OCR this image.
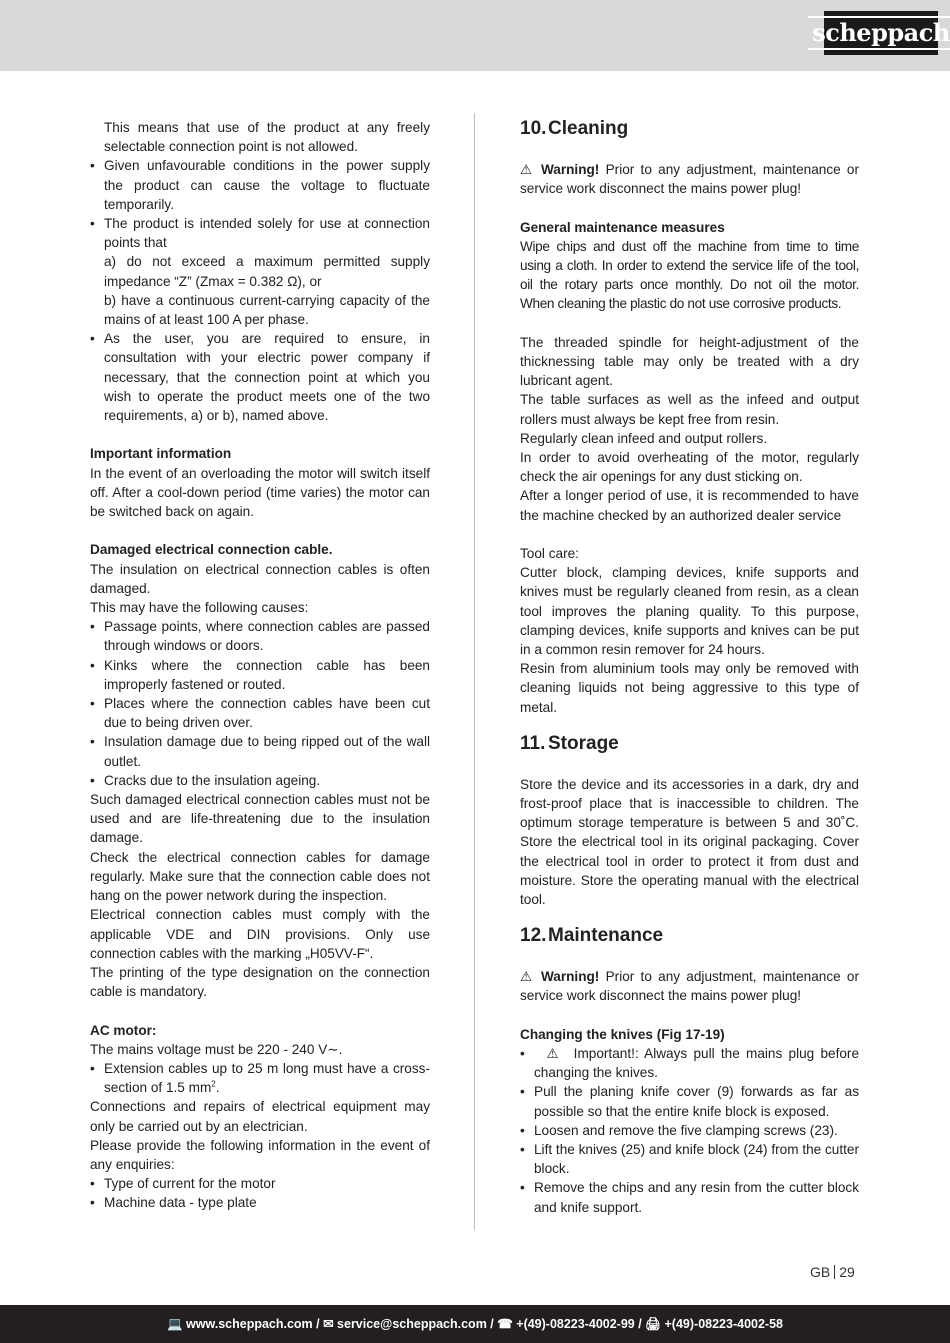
scheppach
This means that use of the product at any freely selectable connection point is not allowed.
• Given unfavourable conditions in the power supply the product can cause the voltage to fluctuate temporarily.
• The product is intended solely for use at connection points that
a) do not exceed a maximum permitted supply impedance “Z” (Zmax = 0.382 Ω), or
b) have a continuous current-carrying capacity of the mains of at least 100 A per phase.
• As the user, you are required to ensure, in consultation with your electric power company if necessary, that the connection point at which you wish to operate the product meets one of the two requirements, a) or b), named above.
Important information
In the event of an overloading the motor will switch itself off. After a cool-down period (time varies) the motor can be switched back on again.
Damaged electrical connection cable.
The insulation on electrical connection cables is often damaged.
This may have the following causes:
• Passage points, where connection cables are passed through windows or doors.
• Kinks where the connection cable has been improperly fastened or routed.
• Places where the connection cables have been cut due to being driven over.
• Insulation damage due to being ripped out of the wall outlet.
• Cracks due to the insulation ageing.
Such damaged electrical connection cables must not be used and are life-threatening due to the insulation damage.
Check the electrical connection cables for damage regularly. Make sure that the connection cable does not hang on the power network during the inspection.
Electrical connection cables must comply with the applicable VDE and DIN provisions. Only use connection cables with the marking „H05VV-F“.
The printing of the type designation on the connection cable is mandatory.
AC motor:
The mains voltage must be 220 - 240 V∼.
• Extension cables up to 25 m long must have a cross-section of 1.5 $mm^2$.
Connections and repairs of electrical equipment may only be carried out by an electrician.
Please provide the following information in the event of any enquiries:
• Type of current for the motor
• Machine data - type plate
10.Cleaning
⚠ Warning! Prior to any adjustment, maintenance or service work disconnect the mains power plug!
General maintenance measures
Wipe chips and dust off the machine from time to time using a cloth. In order to extend the service life of the tool, oil the rotary parts once monthly. Do not oil the motor. When cleaning the plastic do not use corrosive products.
The threaded spindle for height-adjustment of the thicknessing table may only be treated with a dry lubricant agent.
The table surfaces as well as the infeed and output rollers must always be kept free from resin.
Regularly clean infeed and output rollers.
In order to avoid overheating of the motor, regularly check the air openings for any dust sticking on.
After a longer period of use, it is recommended to have the machine checked by an authorized dealer service
Tool care:
Cutter block, clamping devices, knife supports and knives must be regularly cleaned from resin, as a clean tool improves the planing quality. To this purpose, clamping devices, knife supports and knives can be put in a common resin remover for 24 hours.
Resin from aluminium tools may only be removed with cleaning liquids not being aggressive to this type of metal.
11. Storage
Store the device and its accessories in a dark, dry and frost-proof place that is inaccessible to children. The optimum storage temperature is between 5 and 30˚C. Store the electrical tool in its original packaging. Cover the electrical tool in order to protect it from dust and moisture. Store the operating manual with the electrical tool.
12.Maintenance
⚠ Warning! Prior to any adjustment, maintenance or service work disconnect the mains power plug!
Changing the knives (Fig 17-19)
• ⚠ Important!: Always pull the mains plug before changing the knives.
• Pull the planing knife cover (9) forwards as far as possible so that the entire knife block is exposed.
• Loosen and remove the five clamping screws (23).
• Lift the knives (25) and knife block (24) from the cutter block.
• Remove the chips and any resin from the cutter block and knife support.
GB 29
💻 www.scheppach.com / ✉ service@scheppach.com / ☎ +(49)-08223-4002-99 / 🖨 +(49)-08223-4002-58
